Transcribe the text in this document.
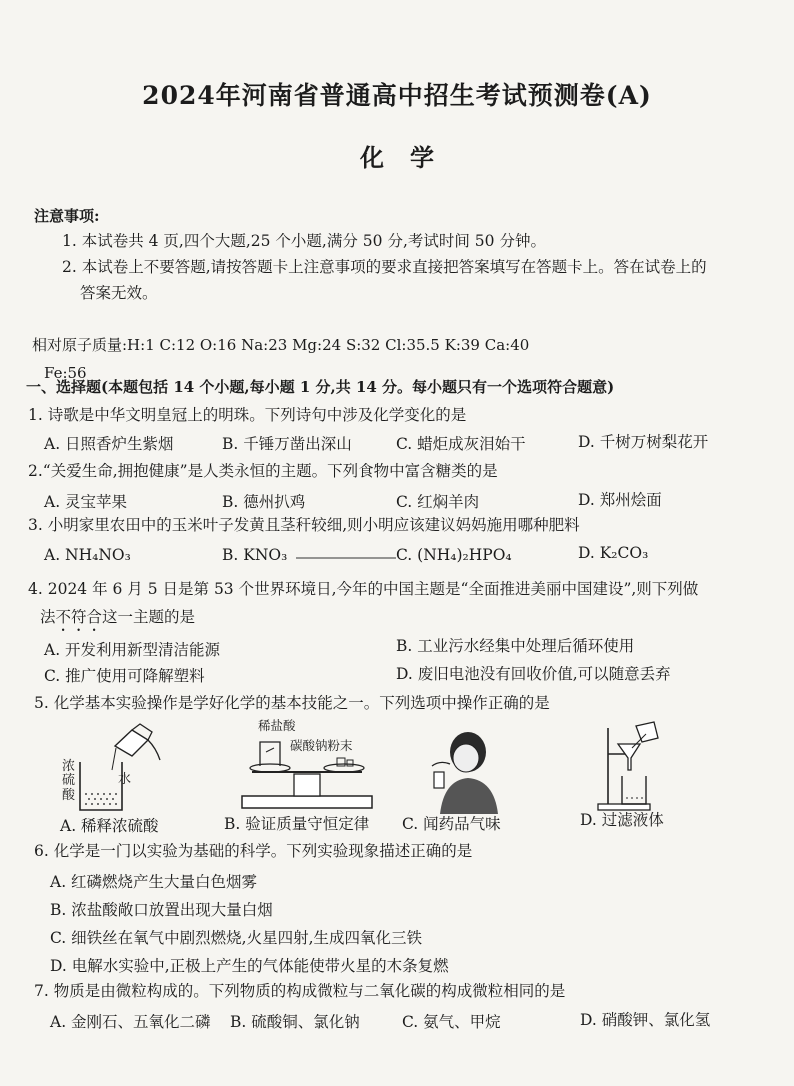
2024年河南省普通高中招生考试预测卷(A)
化学
注意事项:
1. 本试卷共 4 页,四个大题,25 个小题,满分 50 分,考试时间 50 分钟。
2. 本试卷上不要答题,请按答题卡上注意事项的要求直接把答案填写在答题卡上。答在试卷上的
答案无效。
相对原子质量:H:1 C:12 O:16 Na:23 Mg:24 S:32 Cl:35.5 K:39 Ca:40
Fe:56
一、选择题(本题包括 14 个小题,每小题 1 分,共 14 分。每小题只有一个选项符合题意)
1. 诗歌是中华文明皇冠上的明珠。下列诗句中涉及化学变化的是
A. 日照香炉生紫烟	B. 千锤万凿出深山	C. 蜡炬成灰泪始干	D. 千树万树梨花开
2.“关爱生命,拥抱健康”是人类永恒的主题。下列食物中富含糖类的是
A. 灵宝苹果	B. 德州扒鸡	C. 红焖羊肉	D. 郑州烩面
3. 小明家里农田中的玉米叶子发黄且茎秆较细,则小明应该建议妈妈施用哪种肥料
A. NH₄NO₃	B. KNO₃	C. (NH₄)₂HPO₄	D. K₂CO₃
4. 2024 年 6 月 5 日是第 53 个世界环境日,今年的中国主题是“全面推进美丽中国建设”,则下列做
法不符合这一主题的是
A. 开发利用新型清洁能源	B. 工业污水经集中处理后循环使用
C. 推广使用可降解塑料	D. 废旧电池没有回收价值,可以随意丢弃
5. 化学基本实验操作是学好化学的基本技能之一。下列选项中操作正确的是
浓
硫
酸
水
稀盐酸
碳酸钠粉末
A. 稀释浓硫酸	B. 验证质量守恒定律 C. 闻药品气味	D. 过滤液体
6. 化学是一门以实验为基础的科学。下列实验现象描述正确的是
A. 红磷燃烧产生大量白色烟雾
B. 浓盐酸敞口放置出现大量白烟
C. 细铁丝在氧气中剧烈燃烧,火星四射,生成四氧化三铁
D. 电解水实验中,正极上产生的气体能使带火星的木条复燃
7. 物质是由微粒构成的。下列物质的构成微粒与二氧化碳的构成微粒相同的是
A. 金刚石、五氧化二磷 B. 硫酸铜、氯化钠	C. 氨气、甲烷	D. 硝酸钾、氯化氢
